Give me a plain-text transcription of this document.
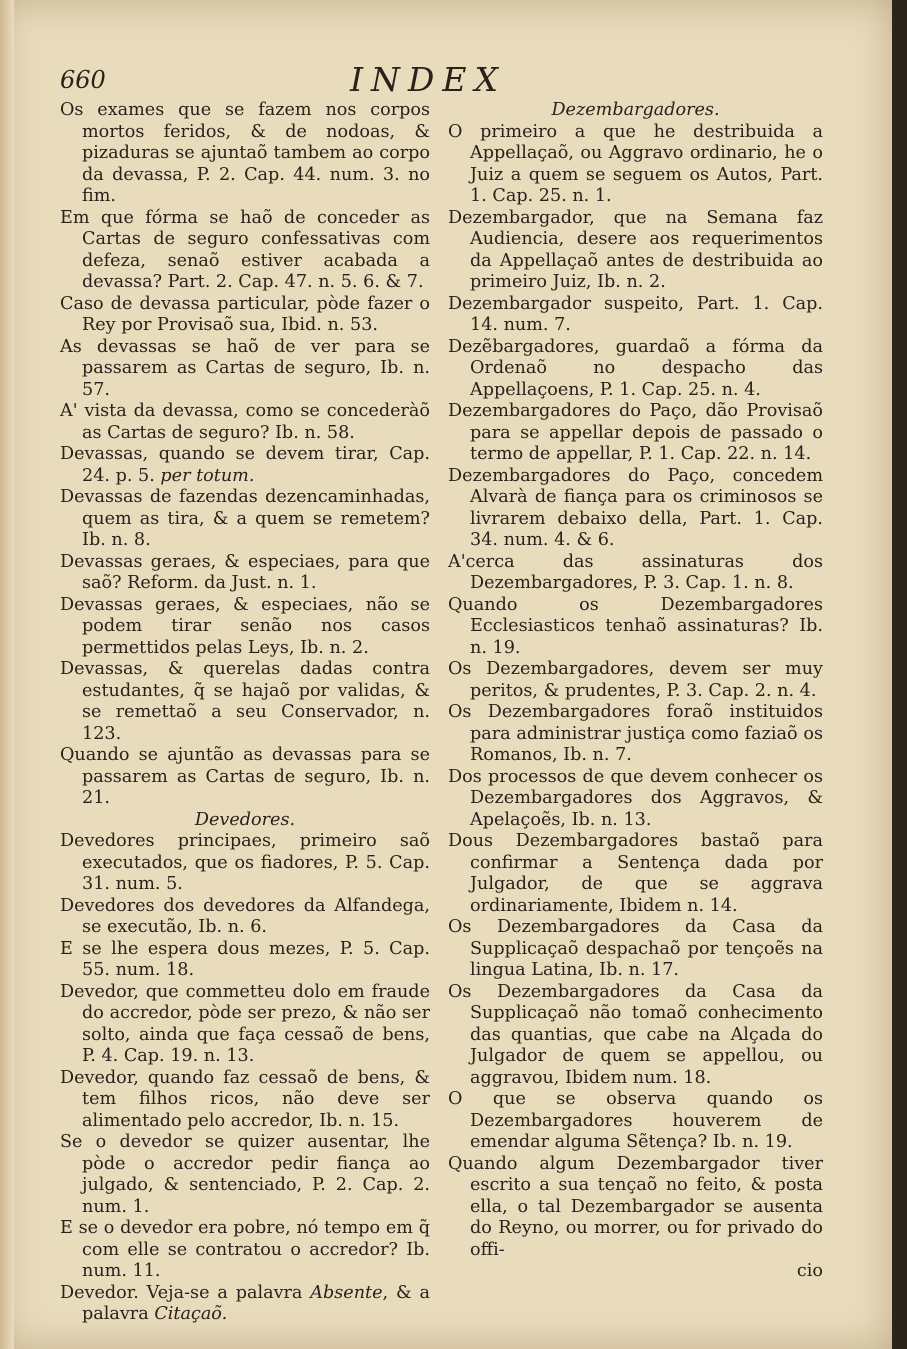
660	INDEX

Os exames que se fazem nos corpos mortos feridos, & de nodoas, & pizaduras se ajuntaõ tambem ao corpo da devassa, P. 2. Cap. 44. num. 3. no fim.

Em que fórma se haõ de conceder as Cartas de seguro confessativas com defeza, senaõ estiver acabada a devassa? Part. 2. Cap. 47. n. 5. 6. & 7.

Caso de devassa particular, pòde fazer o Rey por Provisaõ sua, Ibid. n. 53.

As devassas se haõ de ver para se passarem as Cartas de seguro, Ib. n. 57.

A' vista da devassa, como se concederàõ as Cartas de seguro? Ib. n. 58.

Devassas, quando se devem tirar, Cap. 24. p. 5. per totum.

Devassas de fazendas dezencaminhadas, quem as tira, & a quem se remetem? Ib. n. 8.

Devassas geraes, & especiaes, para que saõ? Reform. da Just. n. 1.

Devassas geraes, & especiaes, não se podem tirar senão nos casos permettidos pelas Leys, Ib. n. 2.

Devassas, & querelas dadas contra estudantes, q̃ se hajaõ por validas, & se remettaõ a seu Conservador, n. 123.

Quando se ajuntão as devassas para se passarem as Cartas de seguro, Ib. n. 21.

Devedores.

Devedores principaes, primeiro saõ executados, que os fiadores, P. 5. Cap. 31. num. 5.

Devedores dos devedores da Alfandega, se executão, Ib. n. 6.

E se lhe espera dous mezes, P. 5. Cap. 55. num. 18.

Devedor, que commetteu dolo em fraude do accredor, pòde ser prezo, & não ser solto, ainda que faça cessaõ de bens, P. 4. Cap. 19. n. 13.

Devedor, quando faz cessaõ de bens, & tem filhos ricos, não deve ser alimentado pelo accredor, Ib. n. 15.

Se o devedor se quizer ausentar, lhe pòde o accredor pedir fiança ao julgado, & sentenciado, P. 2. Cap. 2. num. 1.

E se o devedor era pobre, nó tempo em q̃ com elle se contratou o accredor? Ib. num. 11.

Devedor. Veja-se a palavra Absente, & a palavra Citaçaõ.

Dezembargadores.

O primeiro a que he destribuida a Appellaçaõ, ou Aggravo ordinario, he o Juiz a quem se seguem os Autos, Part. 1. Cap. 25. n. 1.

Dezembargador, que na Semana faz Audiencia, desere aos requerimentos da Appellaçaõ antes de destribuida ao primeiro Juiz, Ib. n. 2.

Dezembargador suspeito, Part. 1. Cap. 14. num. 7.

Dezẽbargadores, guardaõ a fórma da Ordenaõ no despacho das Appellaçoens, P. 1. Cap. 25. n. 4.

Dezembargadores do Paço, dão Provisaõ para se appellar depois de passado o termo de appellar, P. 1. Cap. 22. n. 14.

Dezembargadores do Paço, concedem Alvarà de fiança para os criminosos se livrarem debaixo della, Part. 1. Cap. 34. num. 4. & 6.

A'cerca das assinaturas dos Dezembargadores, P. 3. Cap. 1. n. 8.

Quando os Dezembargadores Ecclesiasticos tenhaõ assinaturas? Ib. n. 19.

Os Dezembargadores, devem ser muy peritos, & prudentes, P. 3. Cap. 2. n. 4.

Os Dezembargadores foraõ instituidos para administrar justiça como faziaõ os Romanos, Ib. n. 7.

Dos processos de que devem conhecer os Dezembargadores dos Aggravos, & Apelaçoẽs, Ib. n. 13.

Dous Dezembargadores bastaõ para confirmar a Sentença dada por Julgador, de que se aggrava ordinariamente, Ibidem n. 14.

Os Dezembargadores da Casa da Supplicaçaõ despachaõ por tençoẽs na lingua Latina, Ib. n. 17.

Os Dezembargadores da Casa da Supplicaçaõ não tomaõ conhecimento das quantias, que cabe na Alçada do Julgador de quem se appellou, ou aggravou, Ibidem num. 18.

O que se observa quando os Dezembargadores houverem de emendar alguma Sẽtença? Ib. n. 19.

Quando algum Dezembargador tiver escrito a sua tençaõ no feito, & posta ella, o tal Dezembargador se ausenta do Reyno, ou morrer, ou for privado do offi-

cio
